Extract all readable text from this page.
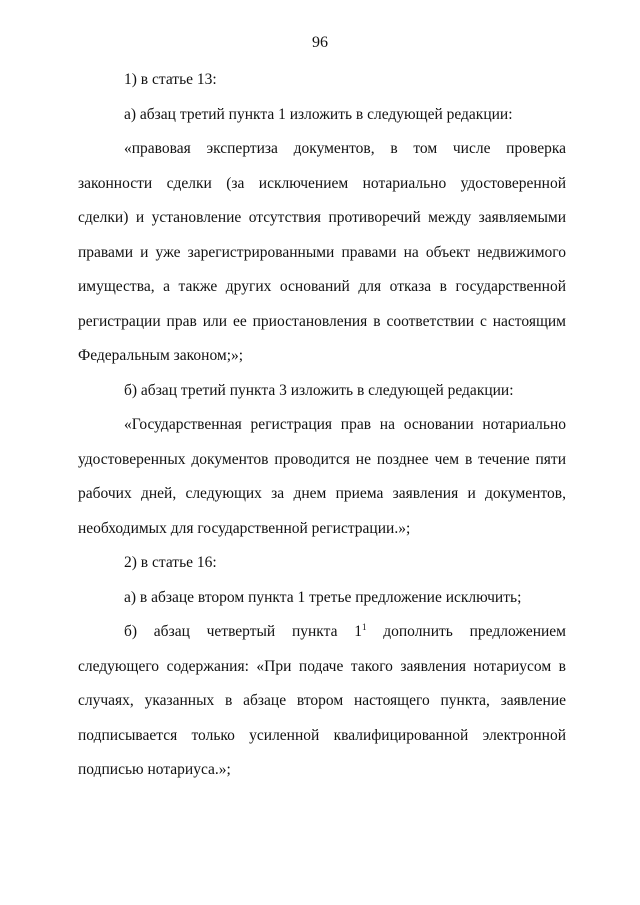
96

1) в статье 13:

а) абзац третий пункта 1 изложить в следующей редакции:

«правовая экспертиза документов, в том числе проверка законности сделки (за исключением нотариально удостоверенной сделки) и установление отсутствия противоречий между заявляемыми правами и уже зарегистрированными правами на объект недвижимого имущества, а также других оснований для отказа в государственной регистрации прав или ее приостановления в соответствии с настоящим Федеральным законом;»;

б) абзац третий пункта 3 изложить в следующей редакции:

«Государственная регистрация прав на основании нотариально удостоверенных документов проводится не позднее чем в течение пяти рабочих дней, следующих за днем приема заявления и документов, необходимых для государственной регистрации.»;

2) в статье 16:

а) в абзаце втором пункта 1 третье предложение исключить;

б) абзац четвертый пункта $1^1$ дополнить предложением следующего содержания: «При подаче такого заявления нотариусом в случаях, указанных в абзаце втором настоящего пункта, заявление подписывается только усиленной квалифицированной электронной подписью нотариуса.»;
